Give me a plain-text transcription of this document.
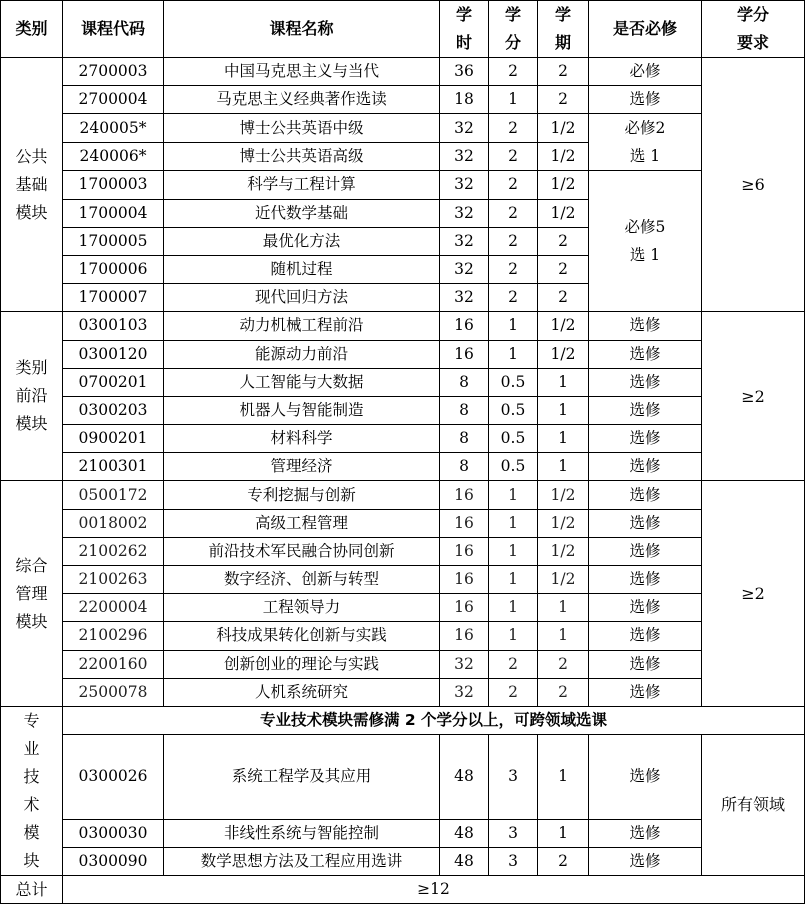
类别	课程代码	课程名称	学时	学分	学期	是否必修	学分要求
公共基础模块	2700003	中国马克思主义与当代	36	2	2	必修	≥6
	2700004	马克思主义经典著作选读	18	1	2	选修	
	240005*	博士公共英语中级	32	2	1/2	必修2 选 1	
	240006*	博士公共英语高级	32	2	1/2		
	1700003	科学与工程计算	32	2	1/2	必修5 选 1	
	1700004	近代数学基础	32	2	1/2		
	1700005	最优化方法	32	2	2		
	1700006	随机过程	32	2	2		
	1700007	现代回归方法	32	2	2		
类别前沿模块	0300103	动力机械工程前沿	16	1	1/2	选修	≥2
	0300120	能源动力前沿	16	1	1/2	选修	
	0700201	人工智能与大数据	8	0.5	1	选修	
	0300203	机器人与智能制造	8	0.5	1	选修	
	0900201	材料科学	8	0.5	1	选修	
	2100301	管理经济	8	0.5	1	选修	
综合管理模块	0500172	专利挖掘与创新	16	1	1/2	选修	≥2
	0018002	高级工程管理	16	1	1/2	选修	
	2100262	前沿技术军民融合协同创新	16	1	1/2	选修	
	2100263	数字经济、创新与转型	16	1	1/2	选修	
	2200004	工程领导力	16	1	1	选修	
	2100296	科技成果转化创新与实践	16	1	1	选修	
	2200160	创新创业的理论与实践	32	2	2	选修	
	2500078	人机系统研究	32	2	2	选修	
专业技术模块	专业技术模块需修满 2 个学分以上，可跨领域选课						
	0300026	系统工程学及其应用	48	3	1	选修	所有领域
	0300030	非线性系统与智能控制	48	3	1	选修	
	0300090	数学思想方法及工程应用选讲	48	3	2	选修	
总计	≥12						
